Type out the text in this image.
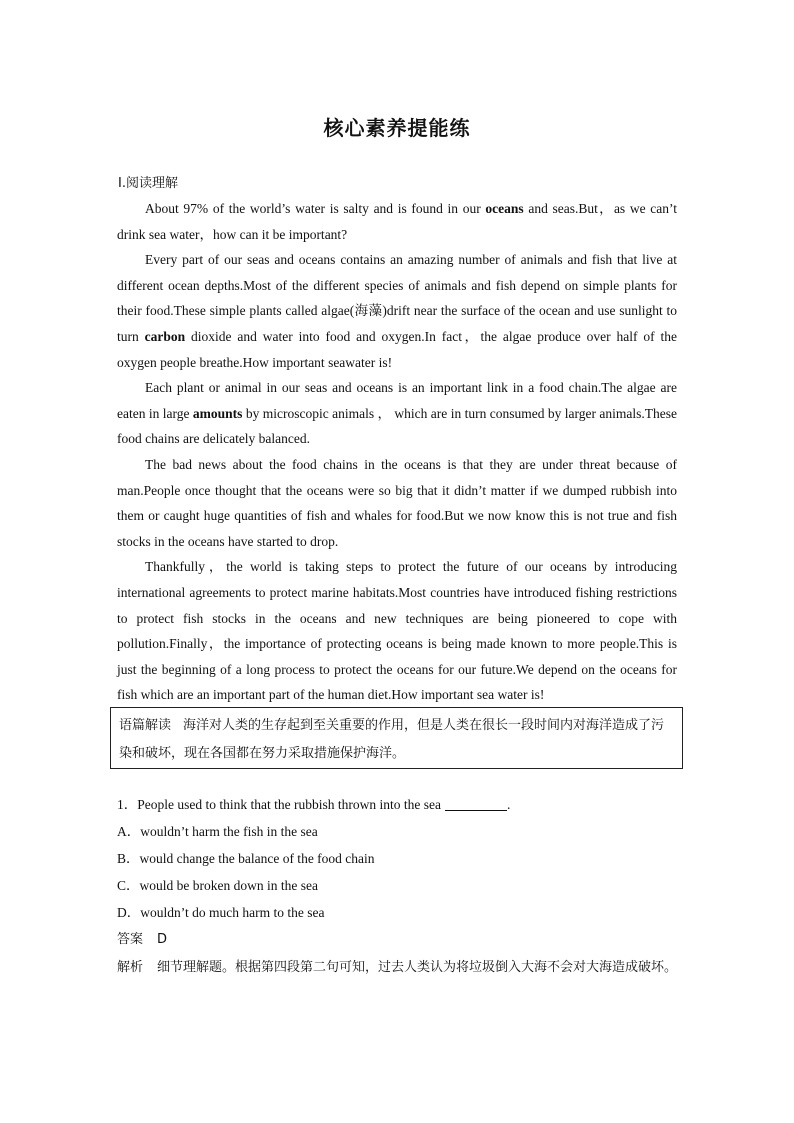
核心素养提能练
Ⅰ.阅读理解

About 97% of the world’s water is salty and is found in our oceans and seas.But，as we can’t drink sea water，how can it be important?

Every part of our seas and oceans contains an amazing number of animals and fish that live at different ocean depths.Most of the different species of animals and fish depend on simple plants for their food.These simple plants called algae(海藻)drift near the surface of the ocean and use sunlight to turn carbon dioxide and water into food and oxygen.In fact，the algae produce over half of the oxygen people breathe.How important seawater is!

Each plant or animal in our seas and oceans is an important link in a food chain.The algae are eaten in large amounts by microscopic animals ， which are in turn consumed by larger animals.These food chains are delicately balanced.

The bad news about the food chains in the oceans is that they are under threat because of man.People once thought that the oceans were so big that it didn’t matter if we dumped rubbish into them or caught huge quantities of fish and whales for food.But we now know this is not true and fish stocks in the oceans have started to drop.

Thankfully，the world is taking steps to protect the future of our oceans by introducing international agreements to protect marine habitats.Most countries have introduced fishing restrictions to protect fish stocks in the oceans and new techniques are being pioneered to cope with pollution.Finally，the importance of protecting oceans is being made known to more people.This is just the beginning of a long process to protect the oceans for our future.We depend on the oceans for fish which are an important part of the human diet.How important sea water is!

语篇解读 海洋对人类的生存起到至关重要的作用，但是人类在很长一段时间内对海洋造成了污染和破坏，现在各国都在努力采取措施保护海洋。
1．People used to think that the rubbish thrown into the sea	.
A．wouldn’t harm the fish in the sea
B．would change the balance of the food chain
C．would be broken down in the sea
D．wouldn’t do much harm to the sea
答案 D
解析 细节理解题。根据第四段第二句可知，过去人类认为将垃圾倒入大海不会对大海造成破坏。
